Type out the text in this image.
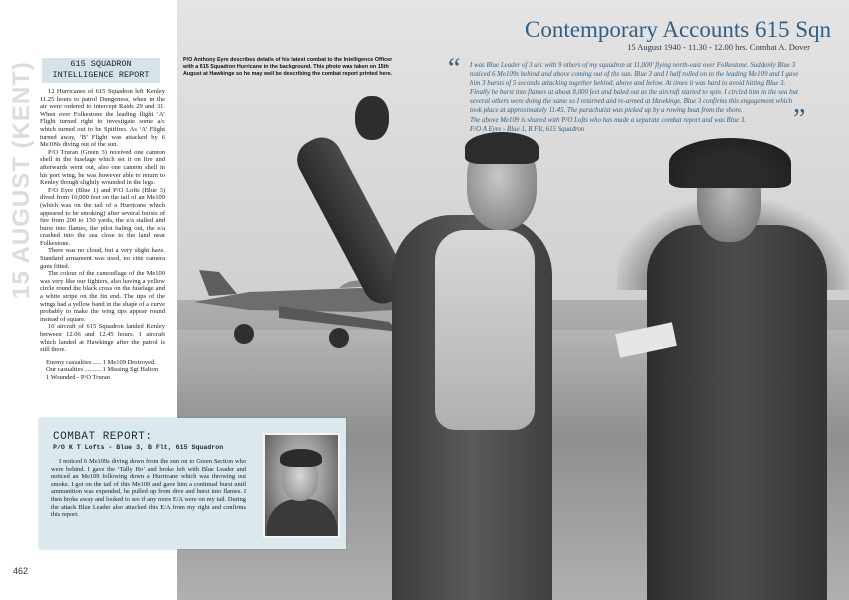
15 AUGUST (KENT)	615 SQUADRON
INTELLIGENCE REPORT

12 Hurricanes of 615 Squadron left Kenley 11.25 hours to patrol Dungeness, when in the air were ordered to intercept Raids 29 and 31. When over Folkestone the leading flight ‘A’ Flight turned right to investigate some a/c which turned out to be Spitfires. As ‘A’ Flight turned away, ‘B’ Flight was attacked by 6 Me109s diving out of the sun.

P/O Truran (Green 3) received one cannon shell in the fuselage which set it on fire and afterwards went out, also one cannon shell in his port wing, he was however able to return to Kenley though slightly wounded in the legs.

F/O Eyre (Blue 1) and P/O Lofts (Blue 3) dived from 10,000 feet on the tail of an Me109 (which was on the tail of a Hurricane which appeared to be smoking) after several bursts of fire from 200 to 150 yards, the e/a stalled and burst into flames, the pilot baling out, the e/a crashed into the sea close to the land near Folkestone.

There was no cloud, but a very slight haze. Standard armament was used, no cine camera guns fitted.

The colour of the camouflage of the Me109 was very like our fighters, also having a yellow circle round the black cross on the fuselage and a white stripe on the fin end. The tips of the wings had a yellow band in the shape of a curve probably to make the wing tips appear round instead of square.

10 aircraft of 615 Squadron landed Kenley between 12.06 and 12.45 hours. 1 aircraft which landed at Hawkinge after the patrol is still there.

Enemy casualties ..... 1 Me109 Destroyed.
Our casualties .......... 1 Missing Sgt Halton
1 Wounded - P/O Truran
462
P/O Anthony Eyre describes details of his latest combat to the Intelligence Officer with a 615 Squadron Hurricane in the background. This photo was taken on 15th August at Hawkinge so he may well be describing the combat report printed here.
Contemporary Accounts 615 Sqn
15 August 1940 - 11.30 - 12.00 hrs. Combat A. Dover
“ I was Blue Leader of 3 a/c with 9 others of my squadron at 11,000’ flying north-east over Folkestone. Suddenly Blue 3 noticed 6 Me109s behind and above coming out of the sun. Blue 3 and I half rolled on to the leading Me109 and I gave him 3 bursts of 5 seconds attacking together behind, above and below. At times it was hard to avoid hitting Blue 3. Finally he burst into flames at about 8,000 feet and baled out as the aircraft started to spin. I circled him in the sea but several others were doing the same so I returned and re-armed at Hawkinge. Blue 3 confirms this engagement which took place at approximately 11.45. The parachutist was picked up by a rowing boat from the shore.

The above Me109 is shared with P/O Lofts who has made a separate combat report and was Blue 3.

F/O A Eyre - Blue 1, B Flt, 615 Squadron	”
COMBAT REPORT:
P/O K T Lofts - Blue 3, B Flt, 615 Squadron

I noticed 6 Me109s diving down from the sun on to Green Section who were behind. I gave the ‘Tally Ho’ and broke left with Blue Leader and noticed an Me109 following down a Hurricane which was throwing out smoke. I got on the tail of this Me109 and gave him a continual burst until ammunition was expended, he pulled up from dive and burst into flames. I then broke away and looked to see if any more E/A were on my tail. During the attack Blue Leader also attacked this E/A from my right and confirms this report.
